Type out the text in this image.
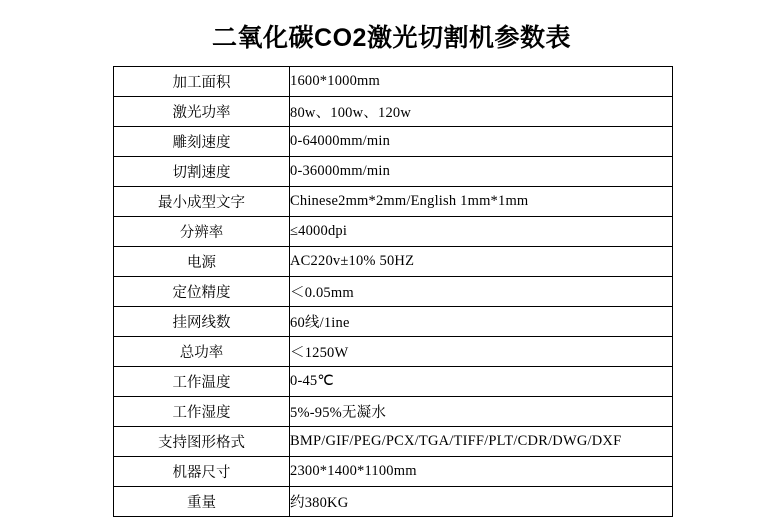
二氧化碳CO2激光切割机参数表
加工面积	1600*1000mm
激光功率	80w、100w、120w
雕刻速度	0-64000mm/min
切割速度	0-36000mm/min
最小成型文字	Chinese2mm*2mm/English 1mm*1mm
分辨率	≤4000dpi
电源	AC220v±10% 50HZ
定位精度	＜0.05mm
挂网线数	60线/1ine
总功率	＜1250W
工作温度	0-45℃
工作湿度	5%-95%无凝水
支持图形格式	BMP/GIF/PEG/PCX/TGA/TIFF/PLT/CDR/DWG/DXF
机器尺寸	2300*1400*1100mm
重量	约380KG
